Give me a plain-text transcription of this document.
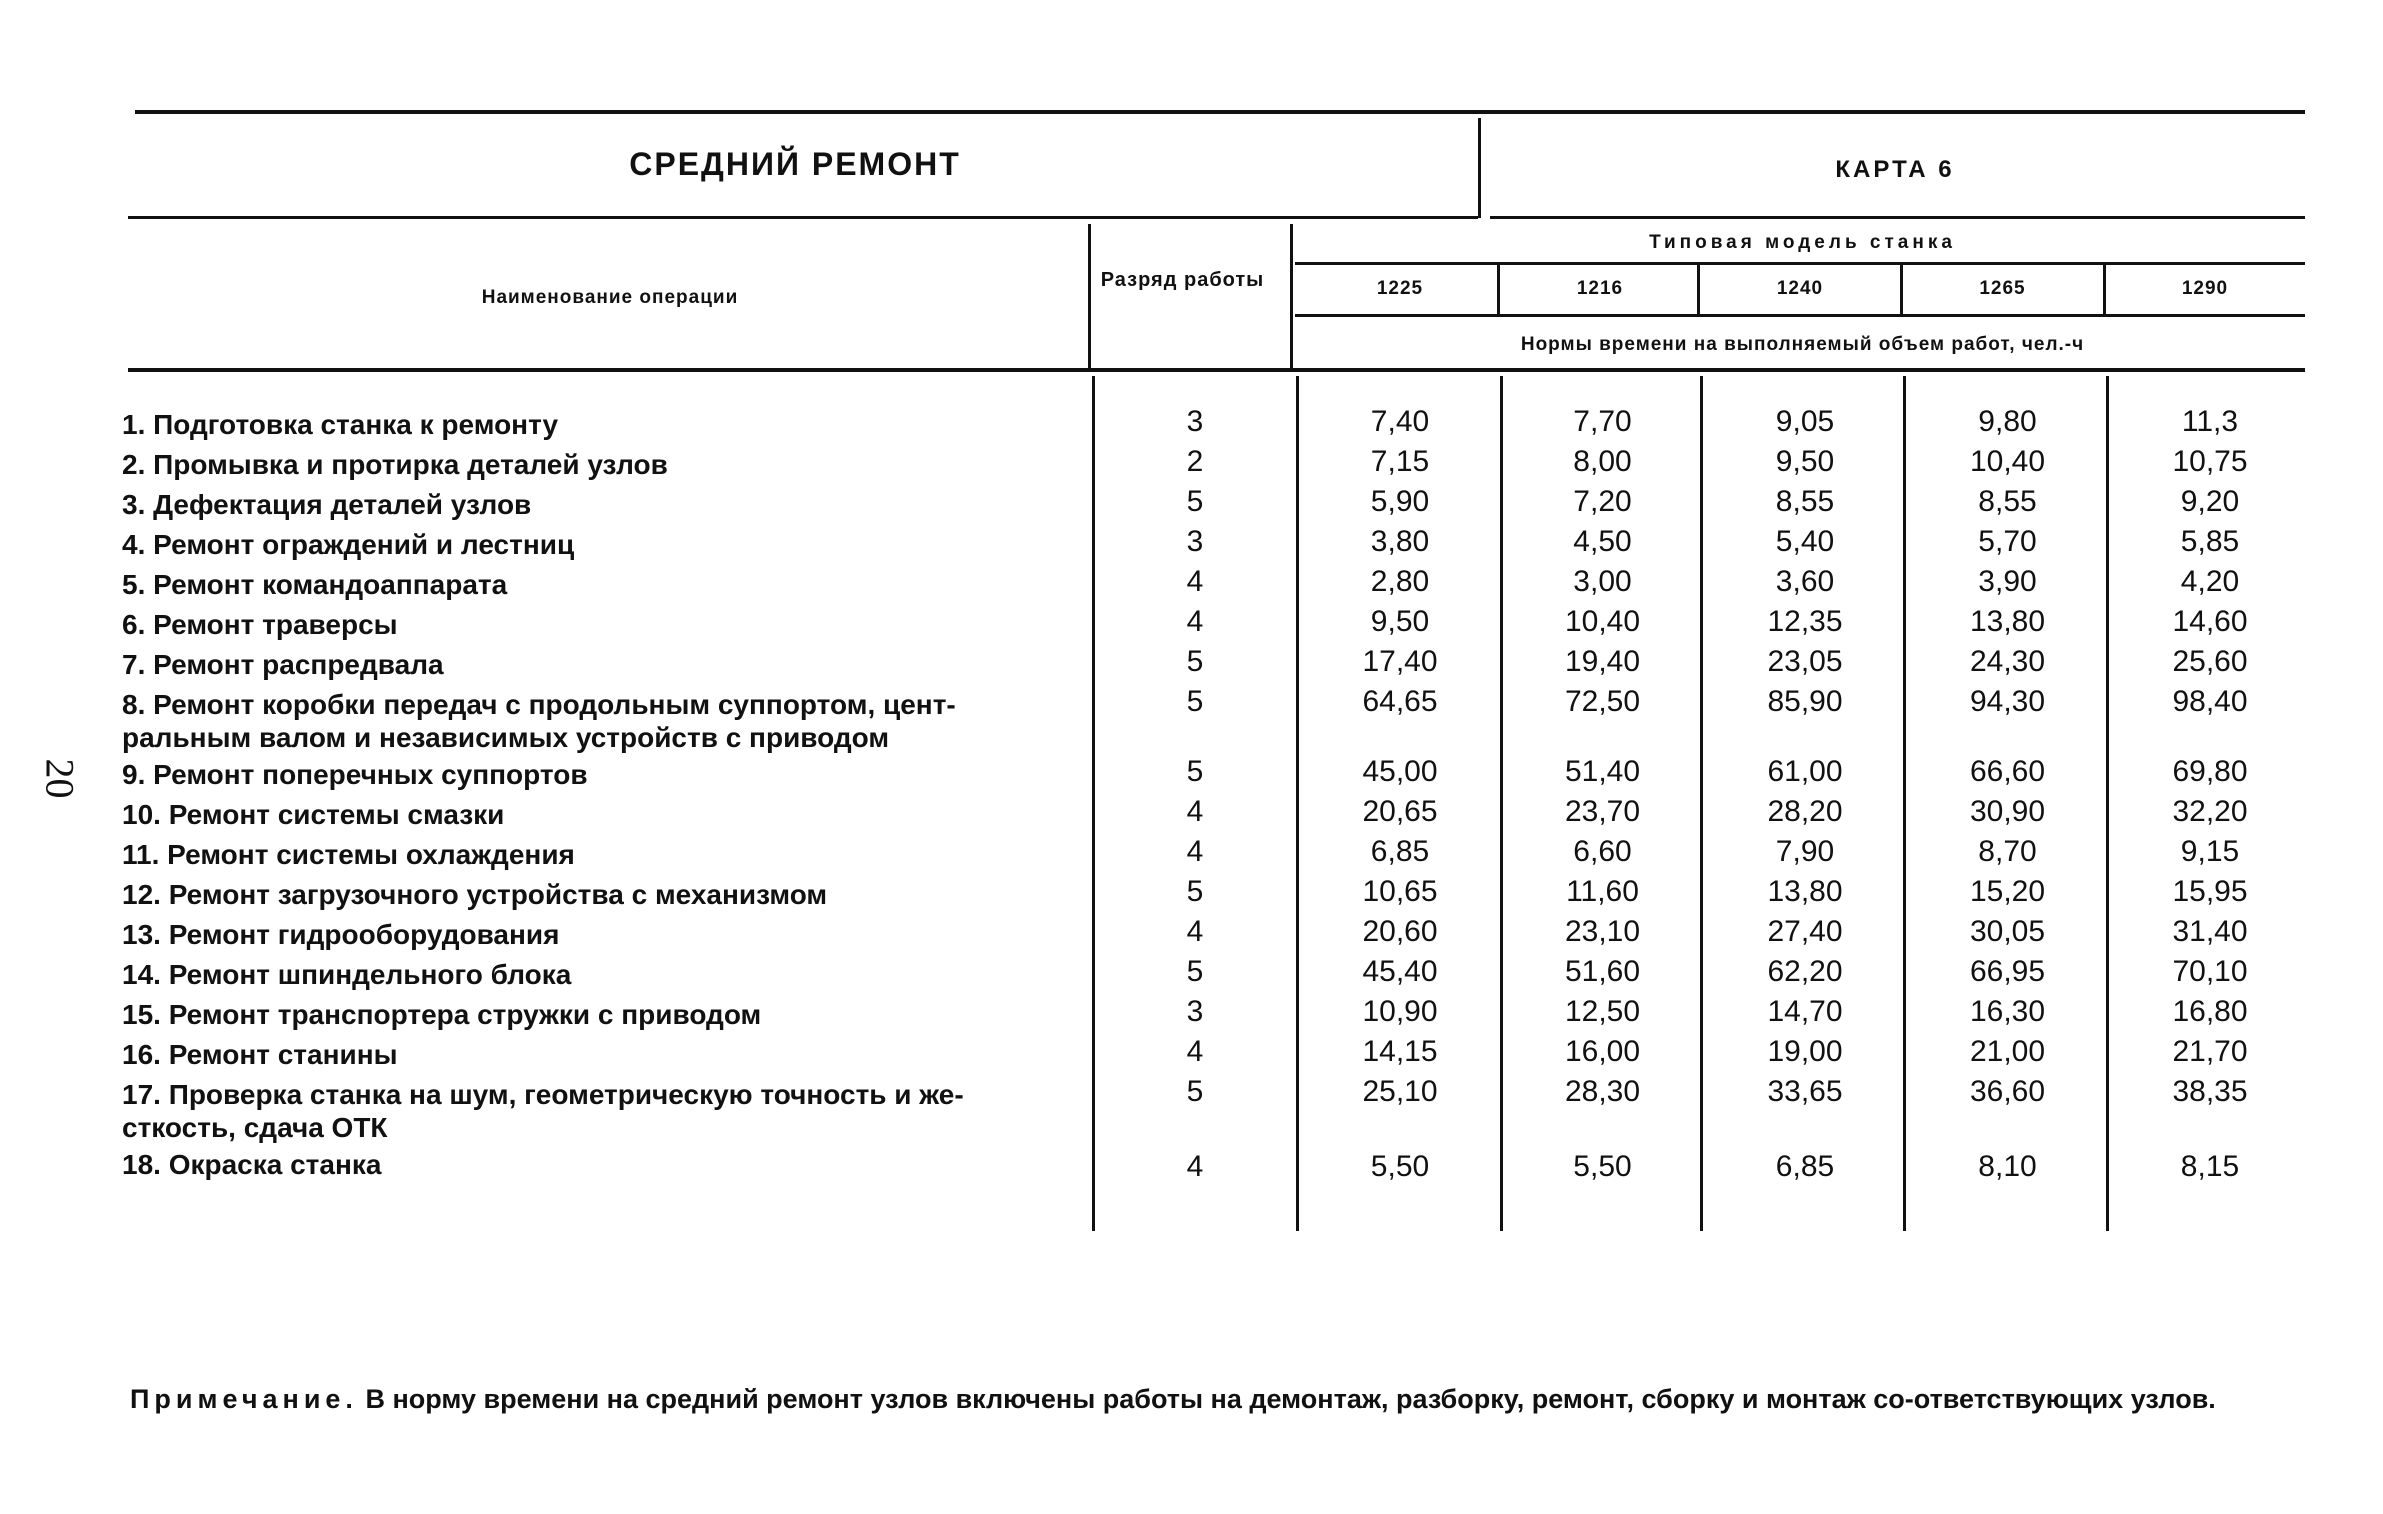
20
СРЕДНИЙ РЕМОНТ	КАРТА 6
Наименование операции
Разряд работы
Типовая модель станка
1225	1216	1240	1265	1290
Нормы времени на выполняемый объем работ, чел.-ч
1. Подготовка станка к ремонту	3	7,40	7,70	9,05	9,80	11,3
2. Промывка и протирка деталей узлов	2	7,15	8,00	9,50	10,40	10,75
3. Дефектация деталей узлов	5	5,90	7,20	8,55	8,55	9,20
4. Ремонт ограждений и лестниц	3	3,80	4,50	5,40	5,70	5,85
5. Ремонт командоаппарата	4	2,80	3,00	3,60	3,90	4,20
6. Ремонт траверсы	4	9,50	10,40	12,35	13,80	14,60
7. Ремонт распредвала	5	17,40	19,40	23,05	24,30	25,60
8. Ремонт коробки передач с продольным суппортом, цент-
ральным валом и независимых устройств с приводом
5	64,65	72,50	85,90	94,30	98,40
9. Ремонт поперечных суппортов	5	45,00	51,40	61,00	66,60	69,80
10. Ремонт системы смазки	4	20,65	23,70	28,20	30,90	32,20
11. Ремонт системы охлаждения	4	6,85	6,60	7,90	8,70	9,15
12. Ремонт загрузочного устройства с механизмом	5	10,65	11,60	13,80	15,20	15,95
13. Ремонт гидрооборудования	4	20,60	23,10	27,40	30,05	31,40
14. Ремонт шпиндельного блока	5	45,40	51,60	62,20	66,95	70,10
15. Ремонт транспортера стружки с приводом	3	10,90	12,50	14,70	16,30	16,80
16. Ремонт станины	4	14,15	16,00	19,00	21,00	21,70
17. Проверка станка на шум, геометрическую точность и же-
сткость, сдача ОТК
5	25,10	28,30	33,65	36,60	38,35
18. Окраска станка	4	5,50	5,50	6,85	8,10	8,15
Примечание. В норму времени на средний ремонт узлов включены работы на демонтаж, разборку, ремонт, сборку и монтаж со-ответствующих узлов.
